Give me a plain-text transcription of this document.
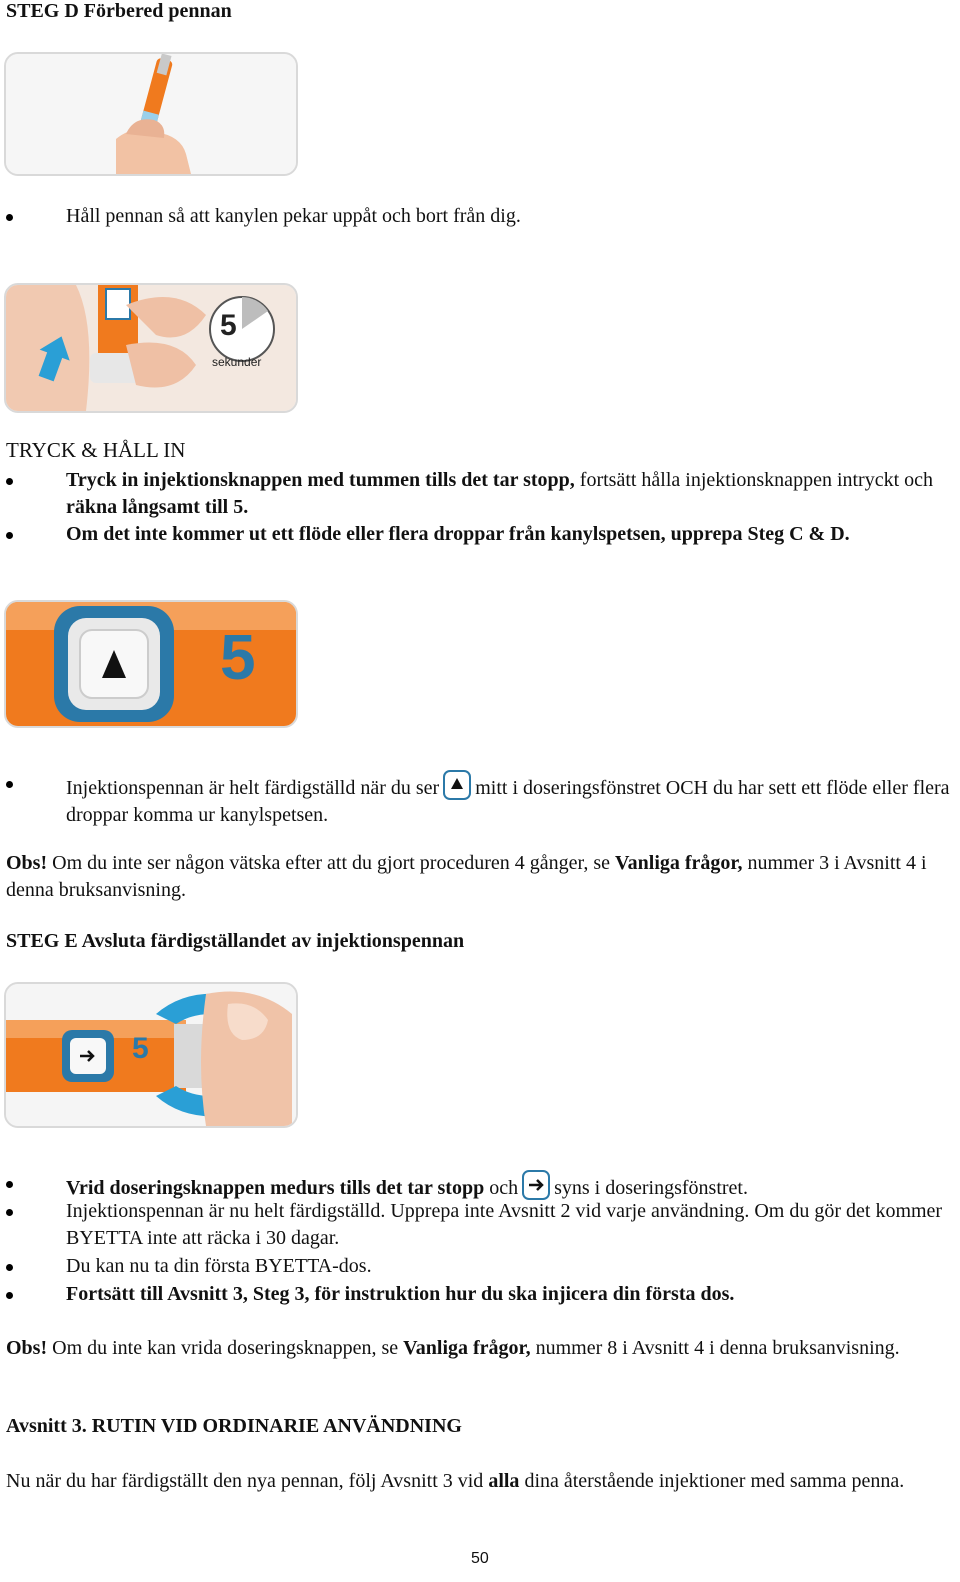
STEG D Förbered pennan
Håll pennan så att kanylen pekar uppåt och bort från dig.
5
sekunder
TRYCK & HÅLL IN
Tryck in injektionsknappen med tummen tills det tar stopp, fortsätt hålla injektionsknappen intryckt och räkna långsamt till 5.
Om det inte kommer ut ett flöde eller flera droppar från kanylspetsen, upprepa Steg C & D.
5
Injektionspennan är helt färdigställd när du ser mitt i doseringsfönstret OCH du har sett ett flöde eller flera droppar komma ur kanylspetsen.
Obs! Om du inte ser någon vätska efter att du gjort proceduren 4 gånger, se Vanliga frågor, nummer 3 i Avsnitt 4 i denna bruksanvisning.
STEG E Avsluta färdigställandet av injektionspennan
5
Vrid doseringsknappen medurs tills det tar stopp och syns i doseringsfönstret.
Injektionspennan är nu helt färdigställd. Upprepa inte Avsnitt 2 vid varje användning. Om du gör det kommer BYETTA inte att räcka i 30 dagar.
Du kan nu ta din första BYETTA-dos.
Fortsätt till Avsnitt 3, Steg 3, för instruktion hur du ska injicera din första dos.
Obs! Om du inte kan vrida doseringsknappen, se Vanliga frågor, nummer 8 i Avsnitt 4 i denna bruksanvisning.
Avsnitt 3. RUTIN VID ORDINARIE ANVÄNDNING
Nu när du har färdigställt den nya pennan, följ Avsnitt 3 vid alla dina återstående injektioner med samma penna.
50
